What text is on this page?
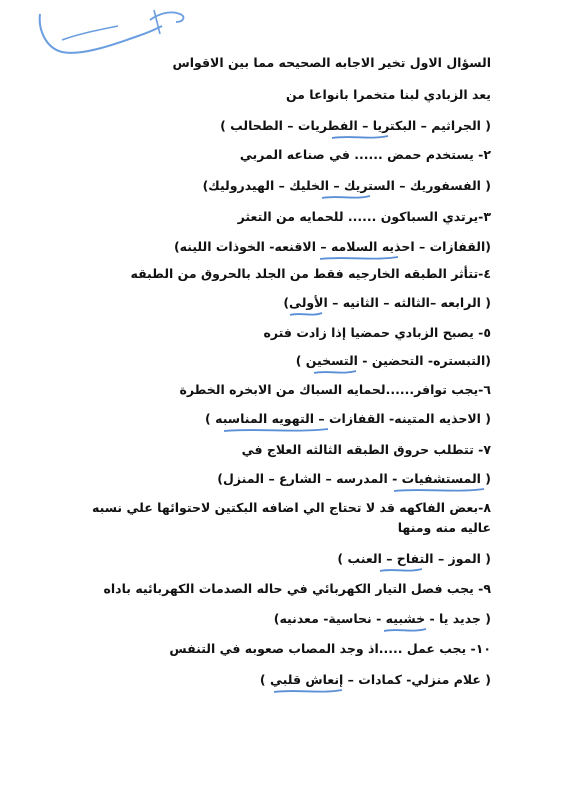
السؤال الاول تخير الاجابه الصحيحه مما بين الاقواس
يعد الزبادي لبنا متخمرا بانواعا من
( الجراثيم – البكتريا – الفطريات – الطحالب )
٢- يستخدم حمض ...... في صناعه المربي
( الفسفوريك – الستريك – الخليك – الهيدروليك)
٣-يرتدي السباكون ...... للحمايه من التعثر
(القفازات – احذيه السلامه – الاقنعه- الخوذات اللينه)
٤-تتأثر الطبقه الخارجيه فقط من الجلد بالحروق من الطبقه
( الرابعه –الثالثه – الثانيه – الأولى)
٥- يصبح الزبادي حمضيا إذا زادت فتره
(التبستره- التحضين - التسخين )
٦-يجب توافر......لحمايه السباك من الابخره الخطرة
( الاحذيه المتينه- القفازات – التهويه المناسبه )
٧- تتطلب حروق الطبقه الثالثه العلاج في
( المستشفيات - المدرسه – الشارع – المنزل)
٨-بعض الفاكهه قد لا تحتاج الي اضافه البكتين لاحتوائها علي نسبه عاليه منه ومنها
( الموز – التفاح – العنب )
٩- يجب فصل التيار الكهربائي في حاله الصدمات الكهربائيه باداه
( جديد يا - خشبيه - نحاسية- معدنيه)
١٠- يجب عمل .....اذ وجد المصاب صعوبه في التنفس
( علام منزلي- كمادات – إنعاش قلبي )
